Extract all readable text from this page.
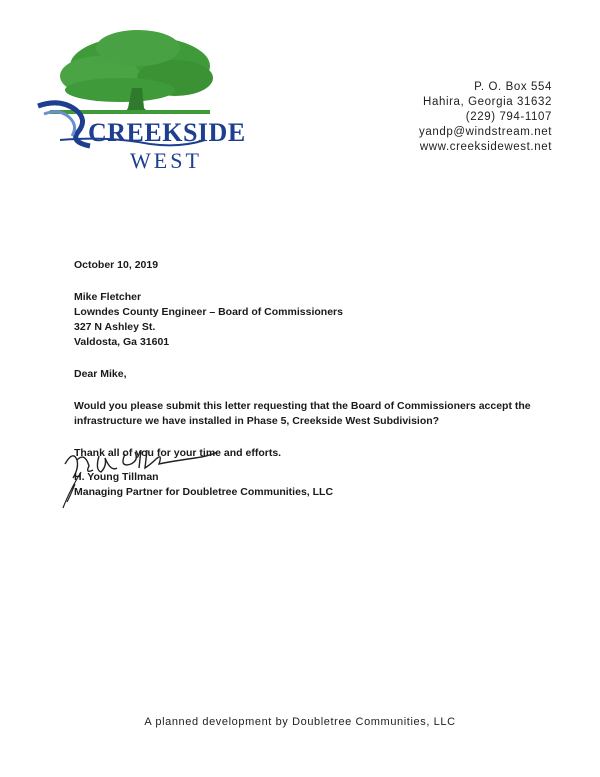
CREEKSIDE
WEST
P. O. Box 554
Hahira, Georgia 31632
(229) 794-1107
yandp@windstream.net
www.creeksidewest.net
October 10, 2019
Mike Fletcher
Lowndes County Engineer – Board of Commissioners
327 N Ashley St.
Valdosta, Ga 31601
Dear Mike,
Would you please submit this letter requesting that the Board of Commissioners accept the infrastructure we have installed in Phase 5, Creekside West Subdivision?
Thank all of you for your time and efforts.
H. Young Tillman
Managing Partner for Doubletree Communities, LLC
A planned development by Doubletree Communities, LLC
